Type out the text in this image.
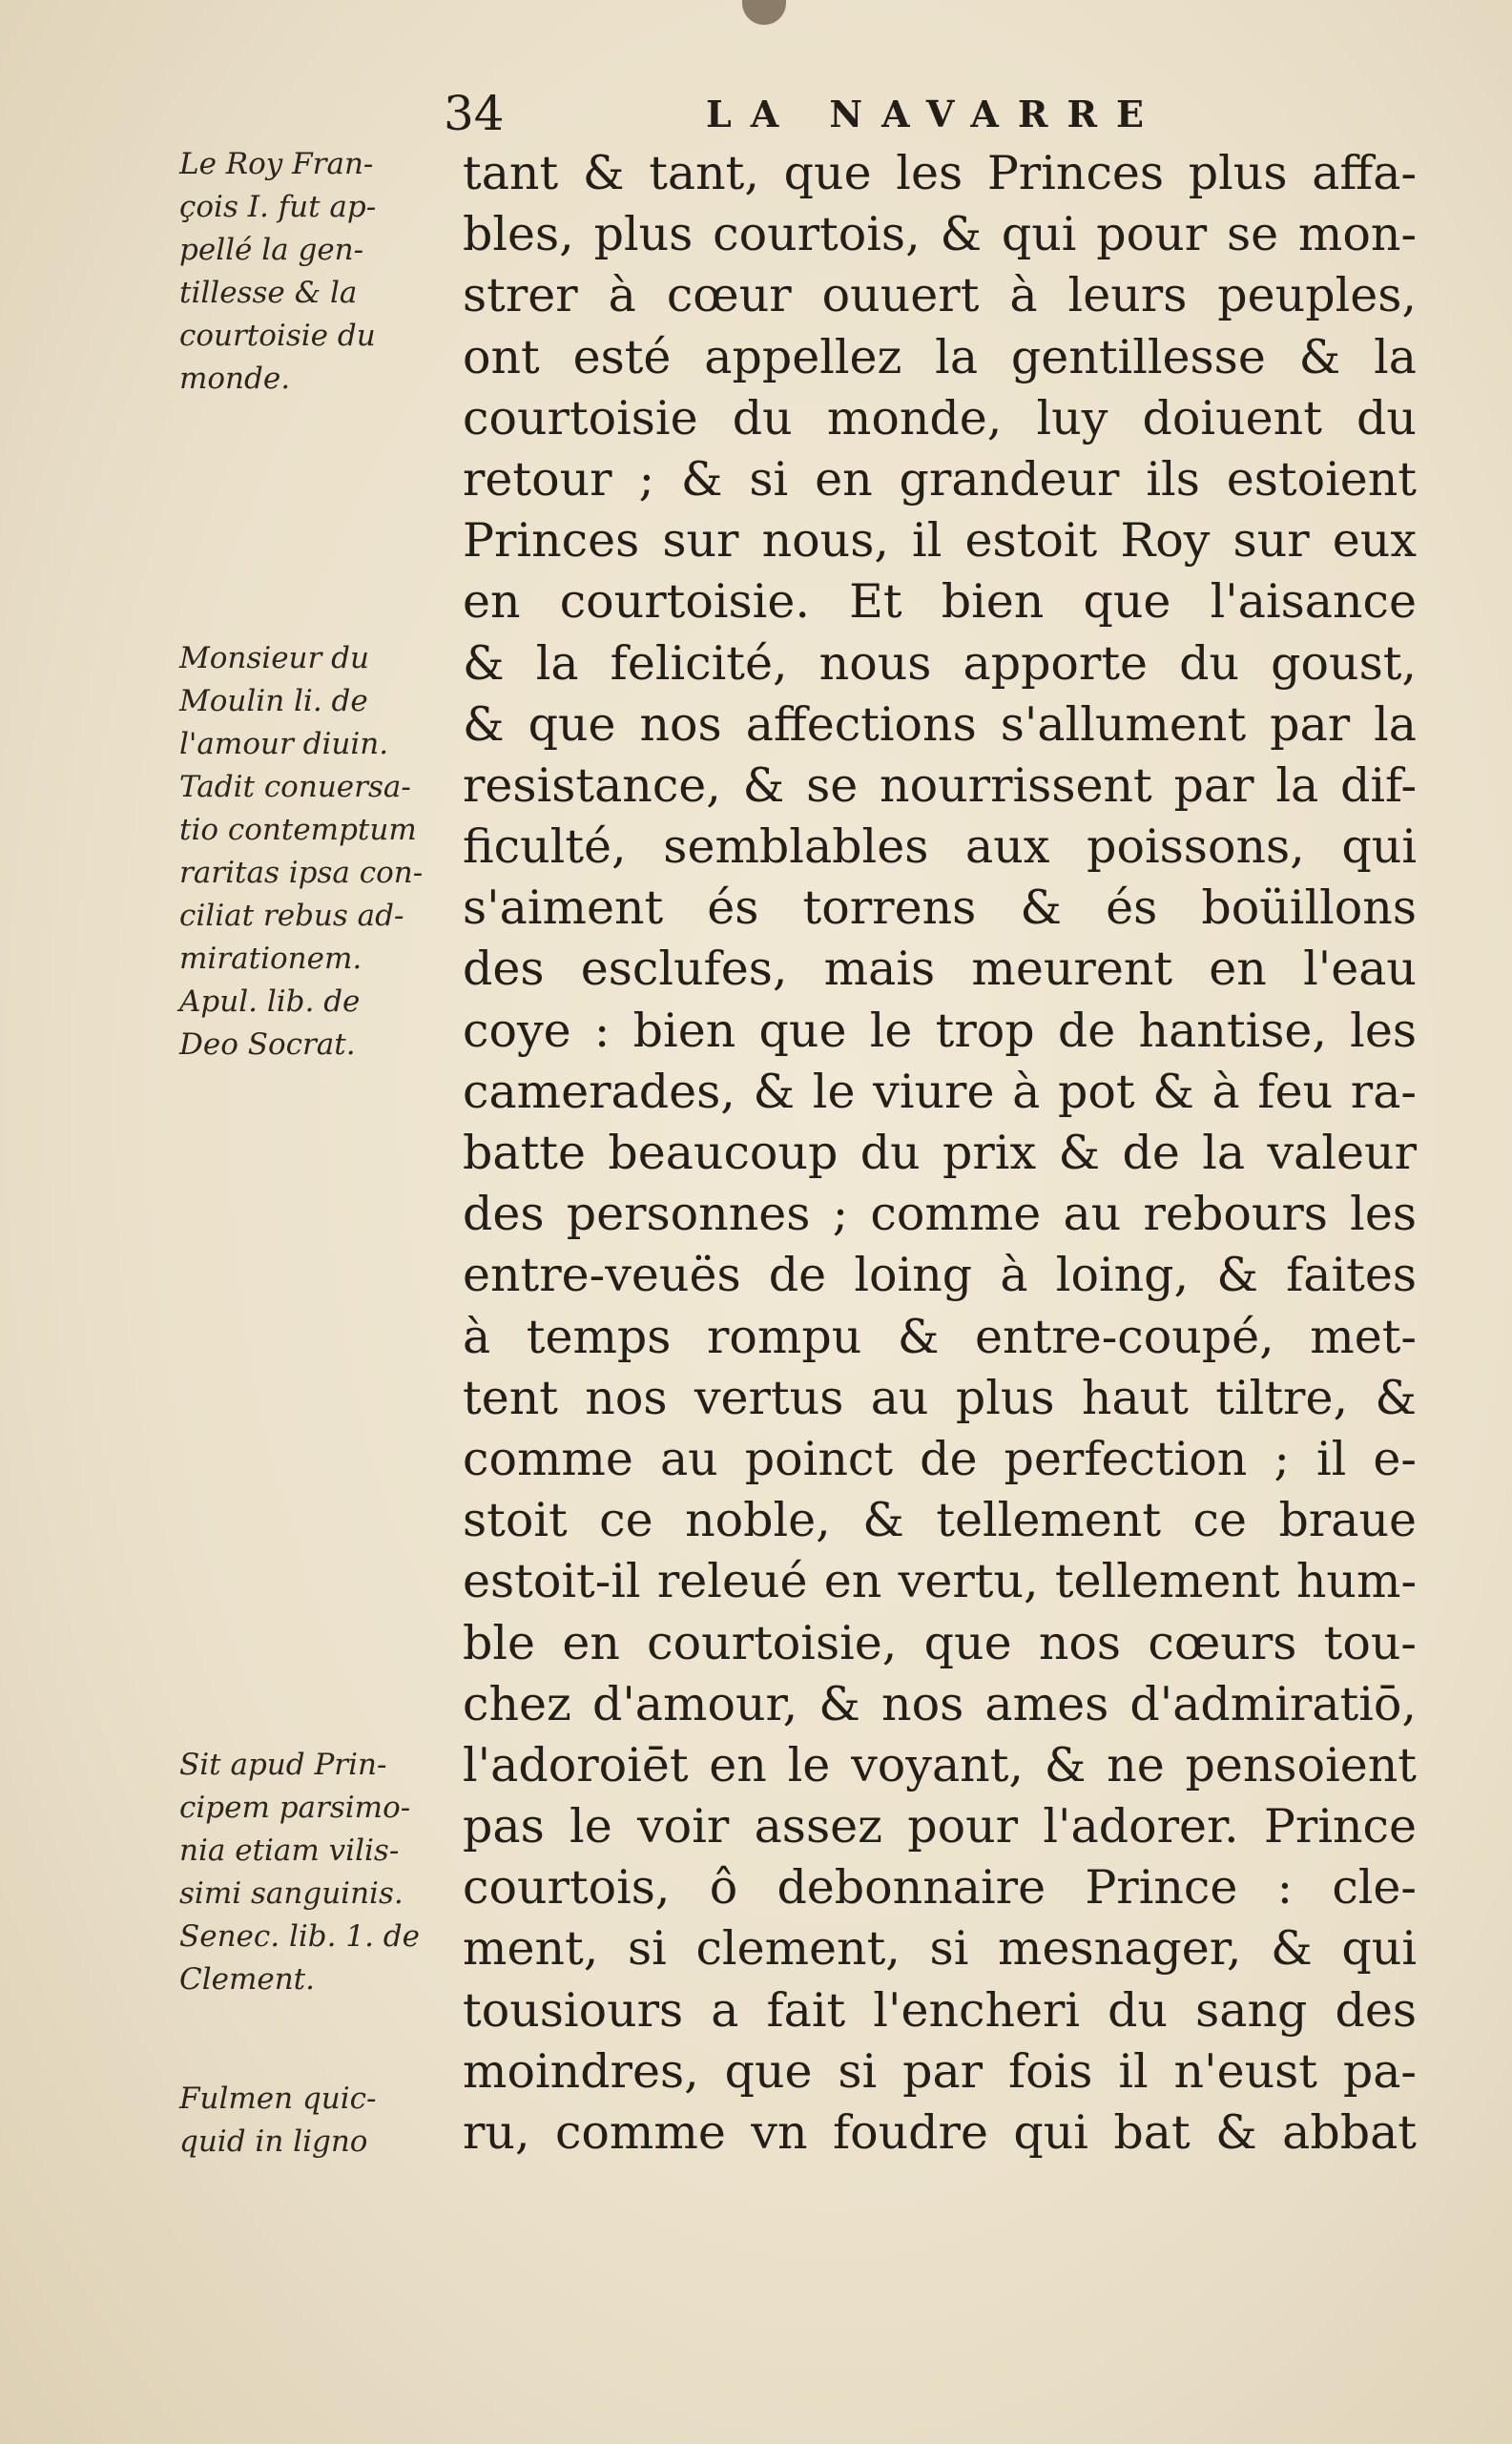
34	LA NAVARRE
Le Roy Fran-
çois I. fut ap-
pellé la gen-
tillesse & la
courtoisie du
monde.
Monsieur du
Moulin li. de
l'amour diuin.
Tadit conuersa-
tio contemptum
raritas ipsa con-
ciliat rebus ad-
mirationem.
Apul. lib. de
Deo Socrat.
Sit apud Prin-
cipem parsimo-
nia etiam vilis-
simi sanguinis.
Senec. lib. 1. de
Clement.
Fulmen quic-
quid in ligno
tant & tant, que les Princes plus affa-
bles, plus courtois, & qui pour se mon-
strer à cœur ouuert à leurs peuples,
ont esté appellez la gentillesse & la
courtoisie du monde, luy doiuent du
retour ; & si en grandeur ils estoient
Princes sur nous, il estoit Roy sur eux
en courtoisie. Et bien que l'aisance
& la felicité, nous apporte du goust,
& que nos affections s'allument par la
resistance, & se nourrissent par la dif-
ficulté, semblables aux poissons, qui
s'aiment és torrens & és boüillons
des esclufes, mais meurent en l'eau
coye : bien que le trop de hantise, les
camerades, & le viure à pot & à feu ra-
batte beaucoup du prix & de la valeur
des personnes ; comme au rebours les
entre-veuës de loing à loing, & faites
à temps rompu & entre-coupé, met-
tent nos vertus au plus haut tiltre, &
comme au poinct de perfection ; il e-
stoit ce noble, & tellement ce braue
estoit-il releué en vertu, tellement hum-
ble en courtoisie, que nos cœurs tou-
chez d'amour, & nos ames d'admiratiō,
l'adoroiēt en le voyant, & ne pensoient
pas le voir assez pour l'adorer. Prince
courtois, ô debonnaire Prince : cle-
ment, si clement, si mesnager, & qui
tousiours a fait l'encheri du sang des
moindres, que si par fois il n'eust pa-
ru, comme vn foudre qui bat & abbat
